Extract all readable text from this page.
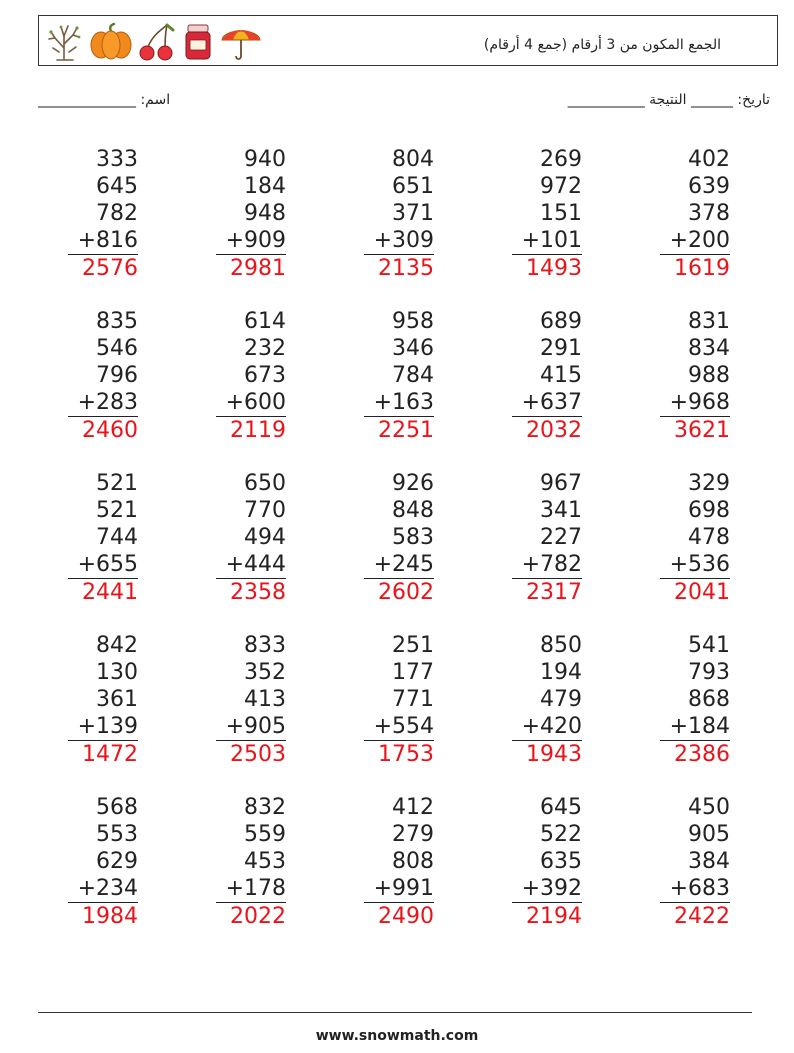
الجمع المكون من 3 أرقام (جمع 4 أرقام)
اسم: ______________	تاريخ: ______ النتيجة ___________
333
645
782
+816
2576
940
184
948
+909
2981
804
651
371
+309
2135
269
972
151
+101
1493
402
639
378
+200
1619
835
546
796
+283
2460
614
232
673
+600
2119
958
346
784
+163
2251
689
291
415
+637
2032
831
834
988
+968
3621
521
521
744
+655
2441
650
770
494
+444
2358
926
848
583
+245
2602
967
341
227
+782
2317
329
698
478
+536
2041
842
130
361
+139
1472
833
352
413
+905
2503
251
177
771
+554
1753
850
194
479
+420
1943
541
793
868
+184
2386
568
553
629
+234
1984
832
559
453
+178
2022
412
279
808
+991
2490
645
522
635
+392
2194
450
905
384
+683
2422
www.snowmath.com
